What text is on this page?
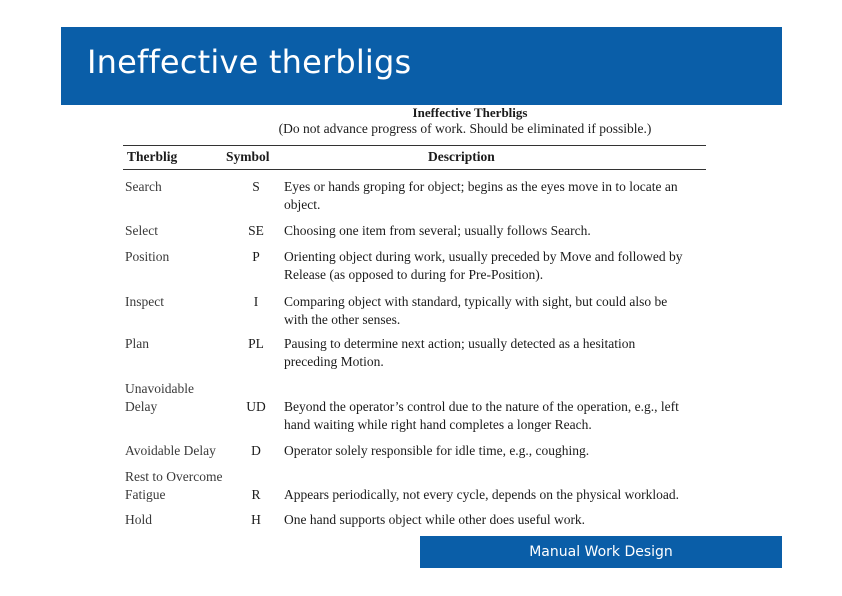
Ineffective therbligs
Ineffective Therbligs
(Do not advance progress of work. Should be eliminated if possible.)
Therblig	Symbol	Description
Search	S	Eyes or hands groping for object; begins as the eyes move in to locate an
object.
Select	SE	Choosing one item from several; usually follows Search.
Position	P	Orienting object during work, usually preceded by Move and followed by
Release (as opposed to during for Pre-Position).
Inspect	I	Comparing object with standard, typically with sight, but could also be
with the other senses.
Plan	PL	Pausing to determine next action; usually detected as a hesitation
preceding Motion.
Unavoidable
Delay	UD	Beyond the operator’s control due to the nature of the operation, e.g., left
hand waiting while right hand completes a longer Reach.
Avoidable Delay	D	Operator solely responsible for idle time, e.g., coughing.
Rest to Overcome
Fatigue	R	Appears periodically, not every cycle, depends on the physical workload.
Hold	H	One hand supports object while other does useful work.
Manual Work Design
